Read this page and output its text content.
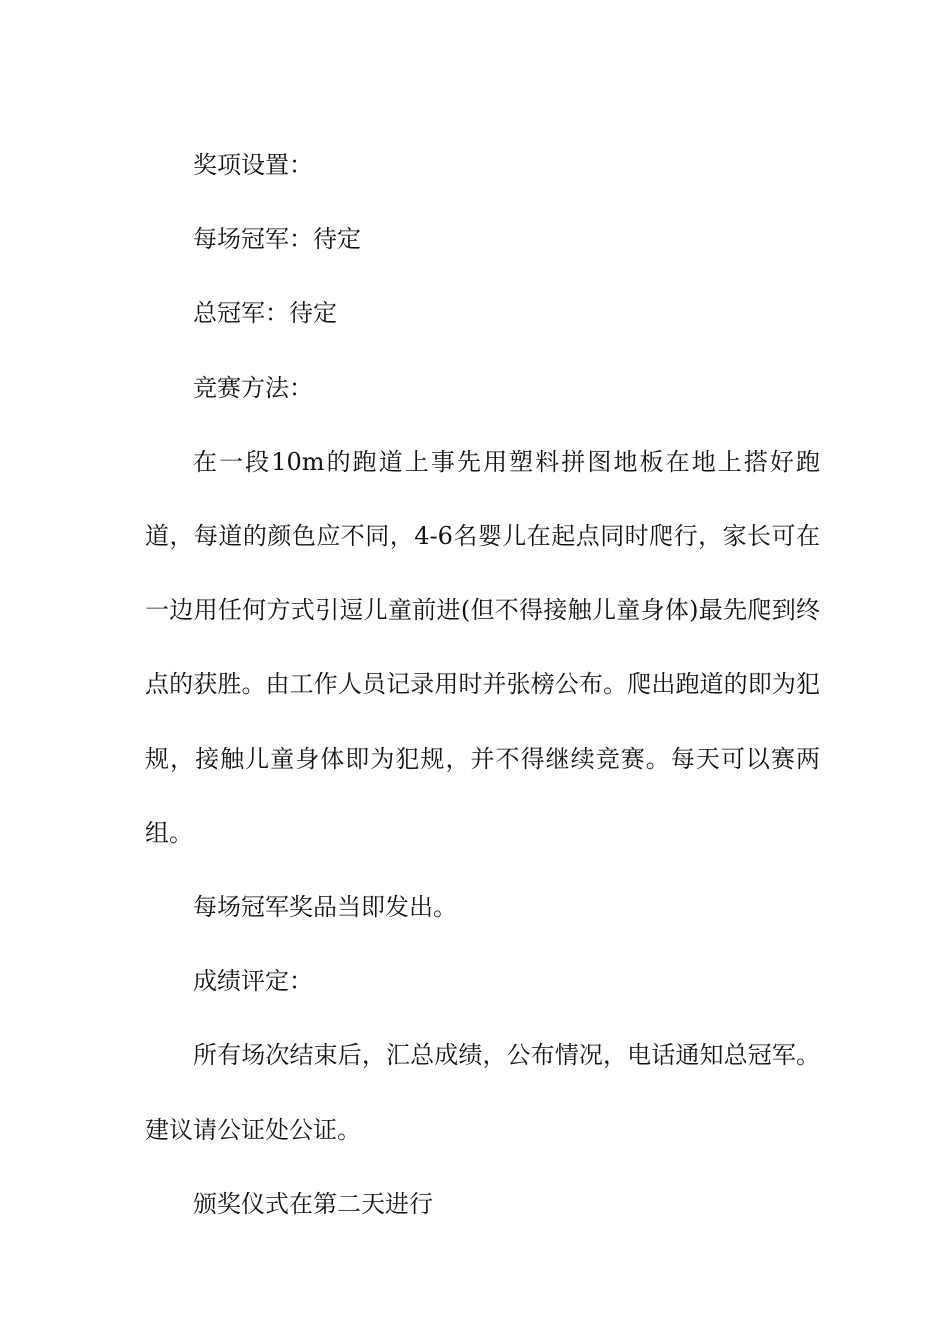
奖项设置：

每场冠军：待定

总冠军：待定

竞赛方法：

在一段10m的跑道上事先用塑料拼图地板在地上搭好跑道，每道的颜色应不同，4-6名婴儿在起点同时爬行，家长可在一边用任何方式引逗儿童前进(但不得接触儿童身体)最先爬到终点的获胜。由工作人员记录用时并张榜公布。爬出跑道的即为犯规，接触儿童身体即为犯规，并不得继续竞赛。每天可以赛两组。

每场冠军奖品当即发出。

成绩评定：

所有场次结束后，汇总成绩，公布情况，电话通知总冠军。建议请公证处公证。

颁奖仪式在第二天进行
